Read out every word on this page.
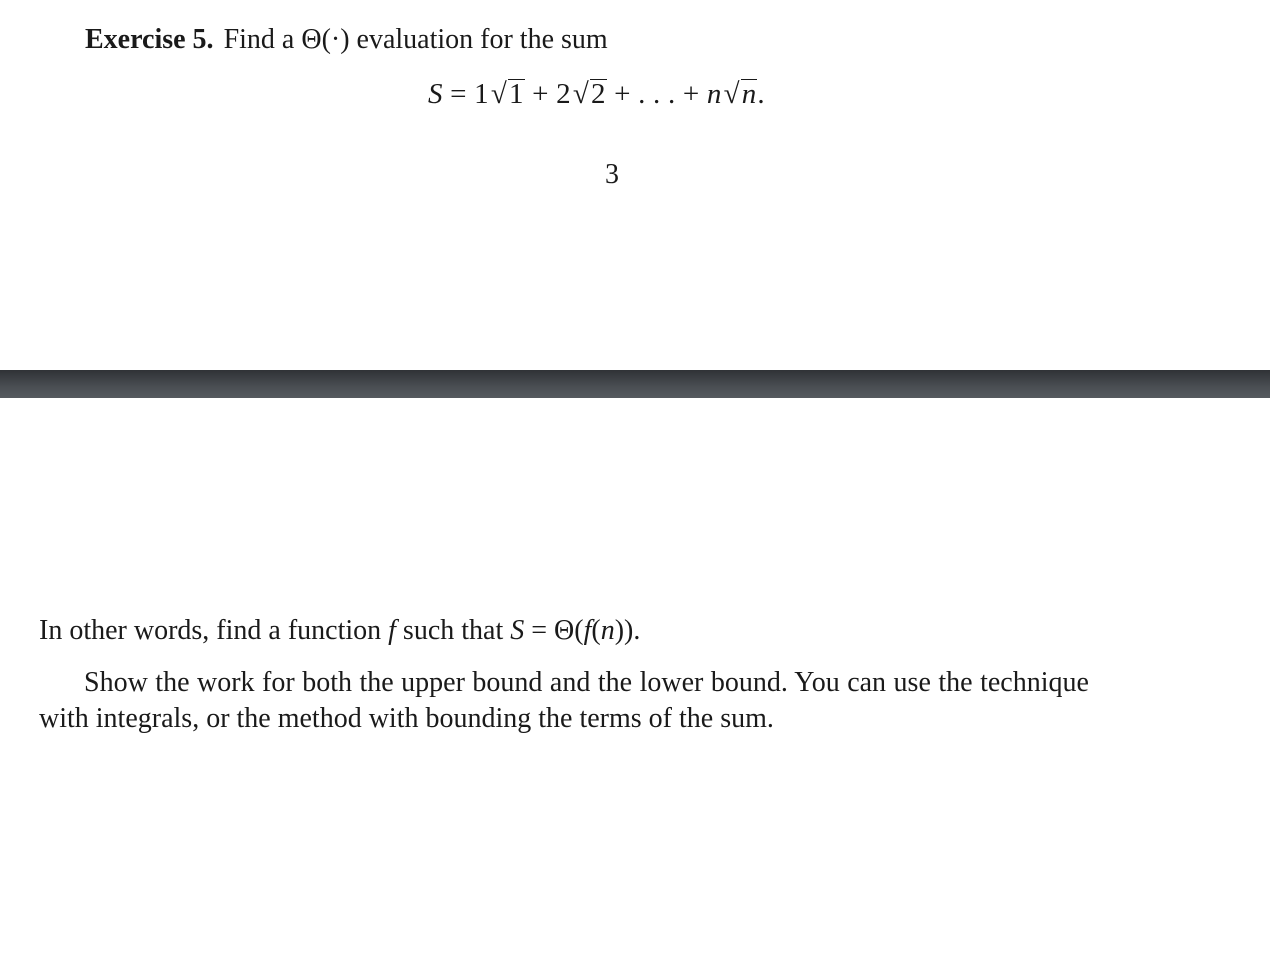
Exercise 5. Find a Θ(·) evaluation for the sum
S = 1√1 + 2√2 + . . . + n√n.
3
In other words, find a function f such that S = Θ(f(n)).
Show the work for both the upper bound and the lower bound. You can use the technique
with integrals, or the method with bounding the terms of the sum.
